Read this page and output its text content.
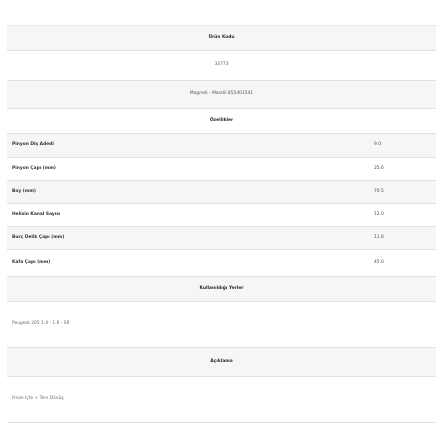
Ürün Kodu
33773
Magneti - Marelli 855401541
Özellikler
Pinyon Diş Adedi	9.0
Pinyon Çapı (mm)	25.6
Boy (mm)	70.5
Helisin Kanal Sayısı	12.0
Burç Delik Çapı (mm)	11.6
Kafa Çapı (mm)	45.0
Kullanıldığı Yerler
Peugeot 205 1.4 - 1.6 - SR
Açıklama
Freze Içte + Ters Dönüş
